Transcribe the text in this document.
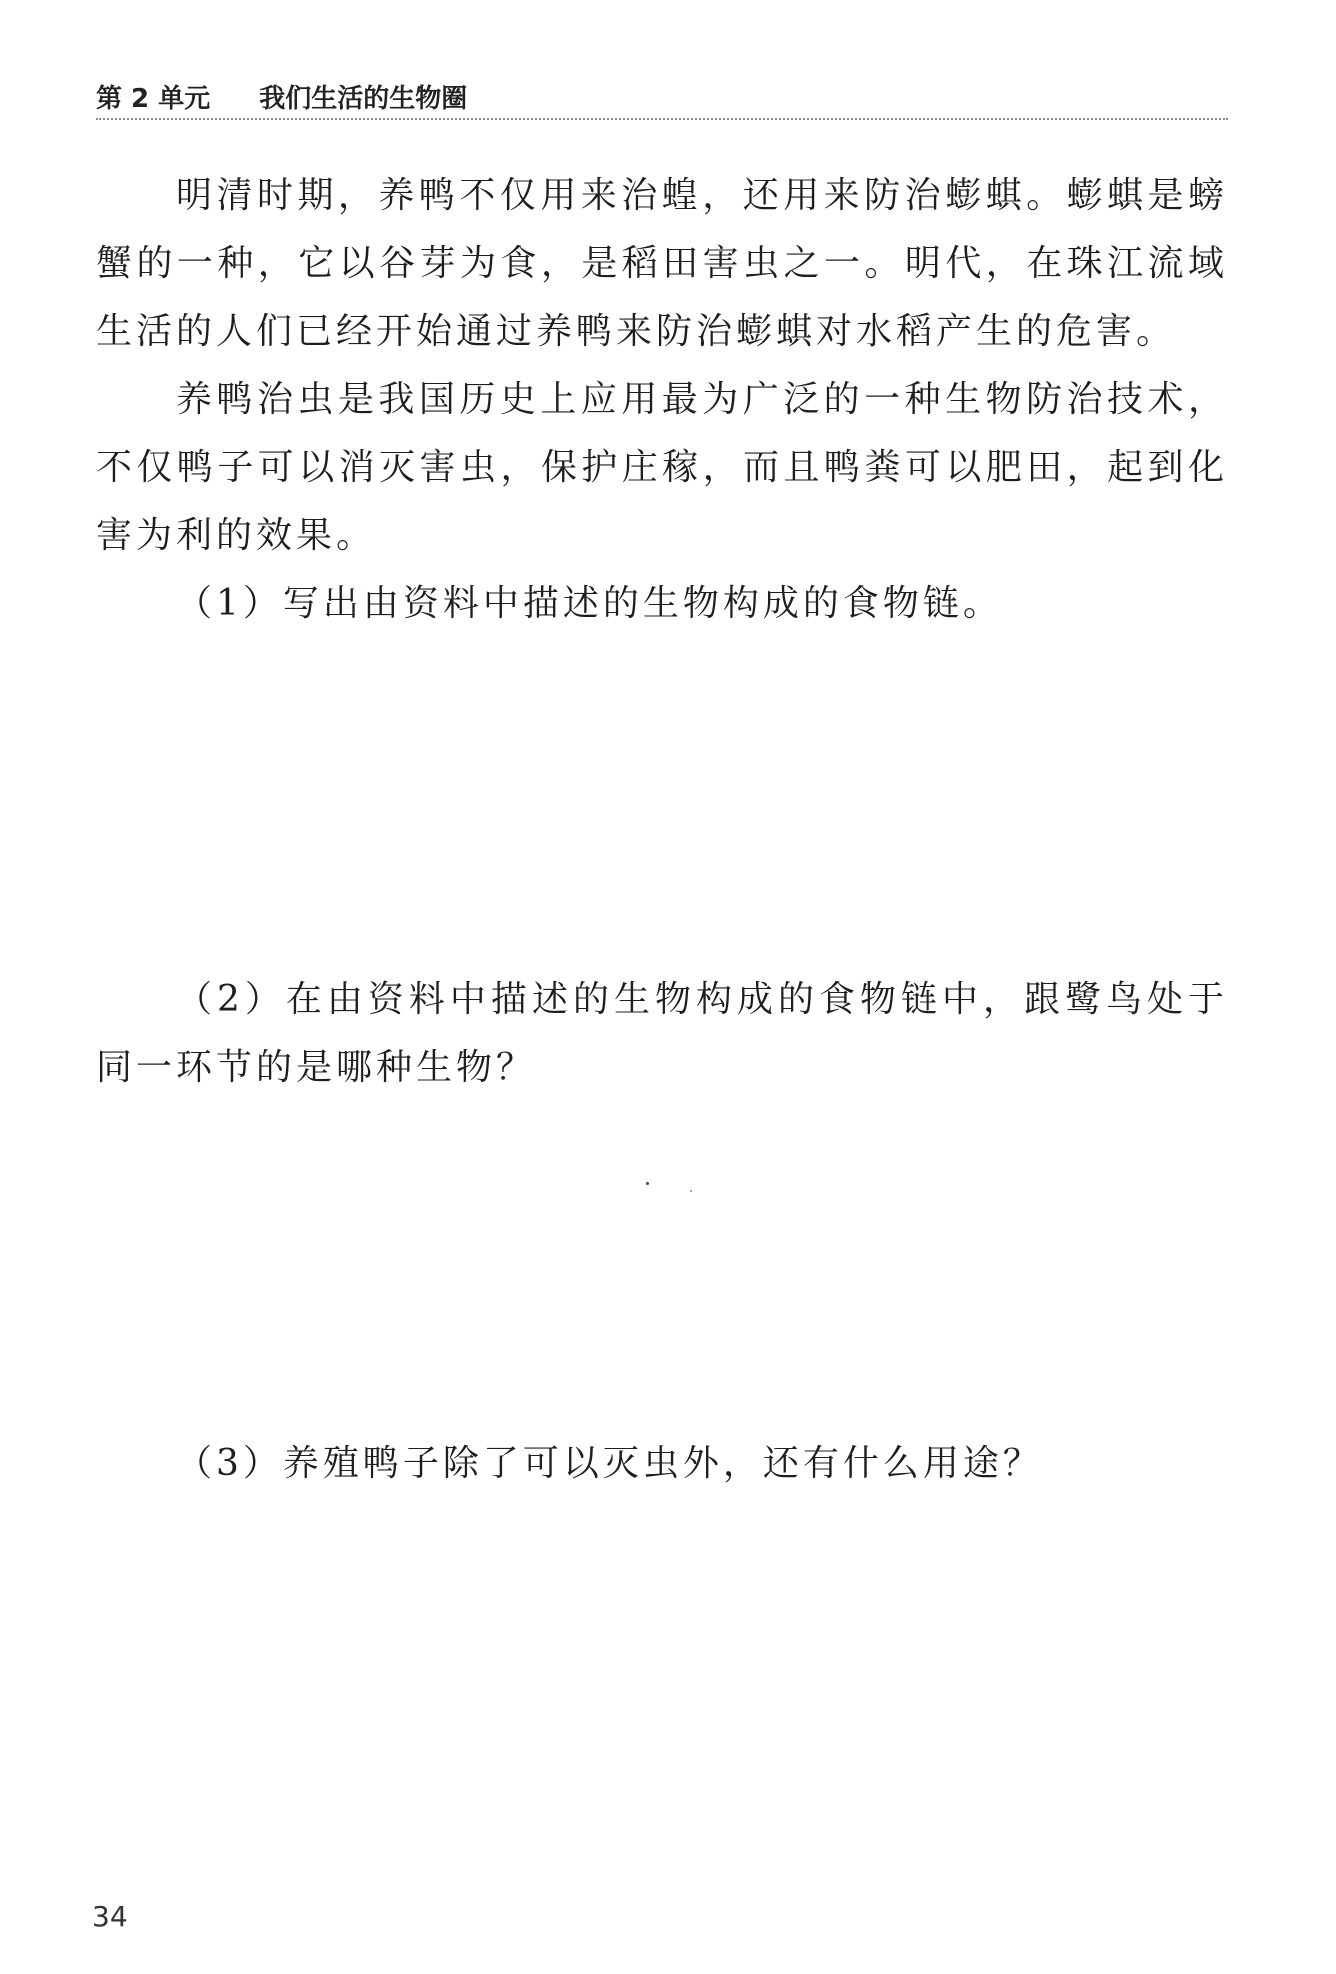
第 2 单元 我们生活的生物圈

明清时期，养鸭不仅用来治蝗，还用来防治蟛蜞。蟛蜞是螃蟹的一种，它以谷芽为食，是稻田害虫之一。明代，在珠江流域生活的人们已经开始通过养鸭来防治蟛蜞对水稻产生的危害。

养鸭治虫是我国历史上应用最为广泛的一种生物防治技术，不仅鸭子可以消灭害虫，保护庄稼，而且鸭粪可以肥田，起到化害为利的效果。

（1）写出由资料中描述的生物构成的食物链。

（2）在由资料中描述的生物构成的食物链中，跟鹭鸟处于同一环节的是哪种生物？

（3）养殖鸭子除了可以灭虫外，还有什么用途？

34
